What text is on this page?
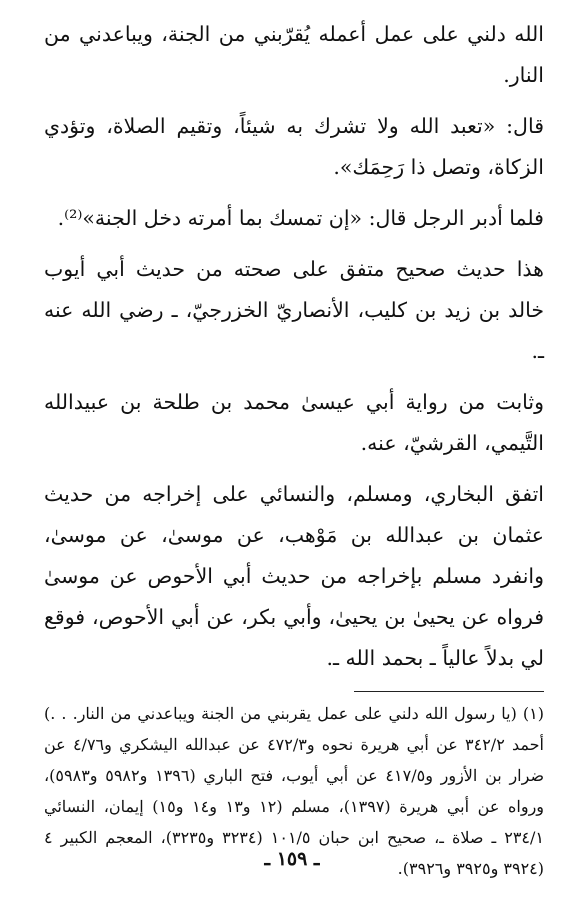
الله دلني على عمل أعمله يُقرّبني من الجنة، ويباعدني من النار.

قال: «تعبد الله ولا تشرك به شيئاً، وتقيم الصلاة، وتؤدي الزكاة، وتصل ذا رَحِمَك».

فلما أدبر الرجل قال: «إن تمسك بما أمرته دخل الجنة»⁽²⁾.

هذا حديث صحيح متفق على صحته من حديث أبي أيوب خالد بن زيد بن كليب، الأنصاريّ الخزرجيّ، ـ رضي الله عنه ـ.

وثابت من رواية أبي عيسىٰ محمد بن طلحة بن عبيدالله التَّيمي، القرشيّ، عنه.

اتفق البخاري، ومسلم، والنسائي على إخراجه من حديث عثمان بن عبدالله بن مَوْهب، عن موسىٰ، عن موسىٰ، وانفرد مسلم بإخراجه من حديث أبي الأحوص عن موسىٰ فرواه عن يحيىٰ بن يحيىٰ، وأبي بكر، عن أبي الأحوص، فوقع لي بدلاً عالياً ـ بحمد الله ـ.

(١) (يا رسول الله دلني على عمل يقربني من الجنة ويباعدني من النار. . .) أحمد ٣٤٢/٢ عن أبي هريرة نحوه و٤٧٢/٣ عن عبدالله اليشكري و٤/٧٦ عن ضرار بن الأزور و٤١٧/٥ عن أبي أيوب، فتح الباري (١٣٩٦ و٥٩٨٢ و٥٩٨٣)، ورواه عن أبي هريرة (١٣٩٧)، مسلم (١٢ و١٣ و١٤ و١٥) إيمان، النسائي ٢٣٤/١ ـ صلاة ـ، صحيح ابن حبان ١٠١/٥ (٣٢٣٤ و٣٢٣٥)، المعجم الكبير ٤ (٣٩٢٤ و٣٩٢٥ و٣٩٢٦).

ـ ١٥٩ ـ
